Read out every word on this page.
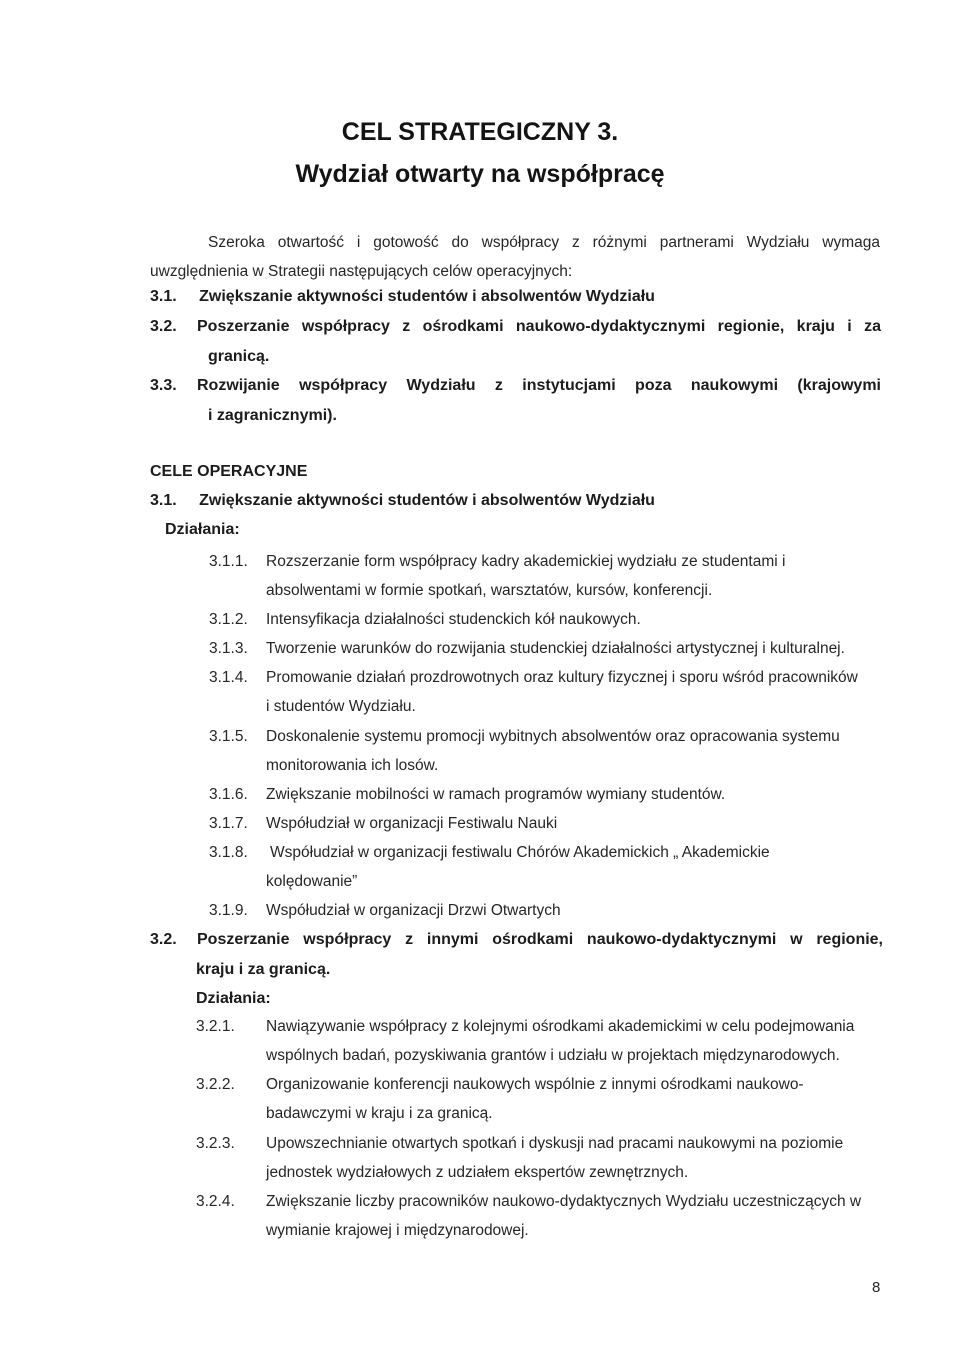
CEL STRATEGICZNY 3.
Wydział otwarty na współpracę
Szeroka otwartość i gotowość do współpracy z różnymi partnerami Wydziału wymaga uwzględnienia w Strategii następujących celów operacyjnych:
3.1. Zwiększanie aktywności studentów i absolwentów Wydziału
3.2. Poszerzanie współpracy z ośrodkami naukowo-dydaktycznymi regionie, kraju i za
granicą.
3.3. Rozwijanie współpracy Wydziału z instytucjami poza naukowymi (krajowymi
i zagranicznymi).
CELE OPERACYJNE
3.1. Zwiększanie aktywności studentów i absolwentów Wydziału
Działania:
3.1.1. Rozszerzanie form współpracy kadry akademickiej wydziału ze studentami i
absolwentami w formie spotkań, warsztatów, kursów, konferencji.
3.1.2. Intensyfikacja działalności studenckich kół naukowych.
3.1.3. Tworzenie warunków do rozwijania studenckiej działalności artystycznej i kulturalnej.
3.1.4. Promowanie działań prozdrowotnych oraz kultury fizycznej i sporu wśród pracowników
i studentów Wydziału.
3.1.5. Doskonalenie systemu promocji wybitnych absolwentów oraz opracowania systemu
monitorowania ich losów.
3.1.6. Zwiększanie mobilności w ramach programów wymiany studentów.
3.1.7. Współudział w organizacji Festiwalu Nauki
3.1.8. Współudział w organizacji festiwalu Chórów Akademickich „ Akademickie
kolędowanie”
3.1.9. Współudział w organizacji Drzwi Otwartych
3.2. Poszerzanie współpracy z innymi ośrodkami naukowo-dydaktycznymi w regionie,
kraju i za granicą.
Działania:
3.2.1. Nawiązywanie współpracy z kolejnymi ośrodkami akademickimi w celu podejmowania
wspólnych badań, pozyskiwania grantów i udziału w projektach międzynarodowych.
3.2.2. Organizowanie konferencji naukowych wspólnie z innymi ośrodkami naukowo-
badawczymi w kraju i za granicą.
3.2.3. Upowszechnianie otwartych spotkań i dyskusji nad pracami naukowymi na poziomie
jednostek wydziałowych z udziałem ekspertów zewnętrznych.
3.2.4. Zwiększanie liczby pracowników naukowo-dydaktycznych Wydziału uczestniczących w
wymianie krajowej i międzynarodowej.
8
